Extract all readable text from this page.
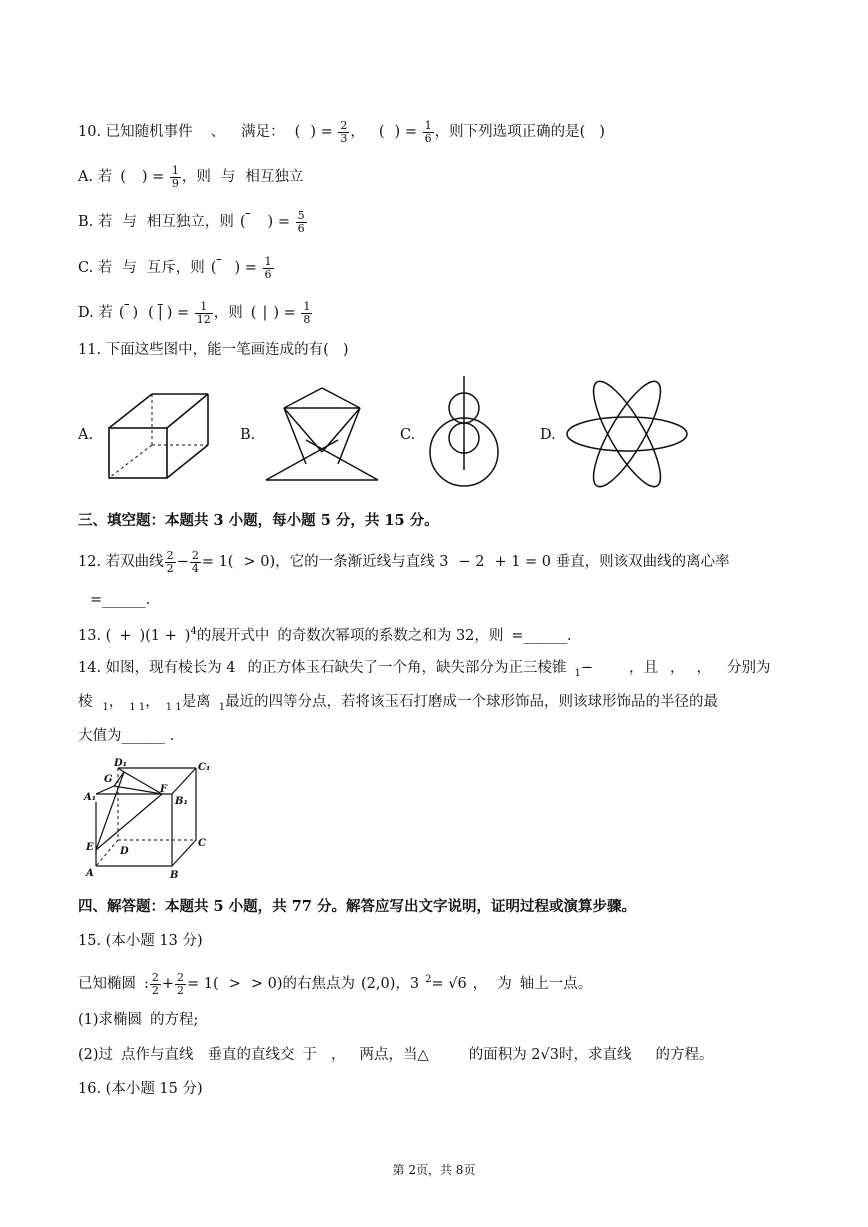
10. 已知随机事件 、 满足： ( ) = $\frac{2}{3}$ ， ( ) = $\frac{1}{6}$ ，则下列选项正确的是( )
A. 若 ( ) = $\frac{1}{9}$ ，则 与 相互独立
B. 若 与 相互独立，则 ( ) = $\frac{5}{6}$
C. 若 与 互斥，则 ( ) = $\frac{1}{6}$
D. 若 ( ) ( | ) = $\frac{1}{12}$ ，则 ( | ) = $\frac{1}{8}$
11. 下面这些图中，能一笔画连成的有( )
A.	B.	C.	D.
三、填空题：本题共 3 小题，每小题 5 分，共 15 分。
12. 若双曲线 $\frac{2}{2} - \frac{2}{4} = 1( > 0)$，它的一条渐近线与直线 3 − 2 + 1 = 0 垂直，则该双曲线的离心率
=______.
13. ( + )$(1 + )^4$的展开式中 的奇数次幂项的系数之和为 32，则 =______.
14. 如图，现有棱长为 4 的正方体玉石缺失了一个角，缺失部分为正三棱锥 $_1$− ，且 ， ， 分别为
棱 $_1$， $_{1 1}$， $_{1 1}$是离 $_1$最近的四等分点，若将该玉石打磨成一个球形饰品，则该球形饰品的半径的最
大值为______ .
D₁	C₁
G
A₁
F
B₁
E	D
C
A	B
四、解答题：本题共 5 小题，共 77 分。解答应写出文字说明，证明过程或演算步骤。
15. (本小题 13 分)
已知椭圆 : $\frac{2}{2} + \frac{2}{2} = 1$( > > 0)的右焦点为 (2,0)，3 $^2$= √6 ， 为 轴上一点。
(1)求椭圆 的方程;
(2)过 点作与直线 垂直的直线交 于 ， 两点，当△	的面积为 2√3时，求直线 的方程。
16. (本小题 15 分)
第 2页，共 8页
